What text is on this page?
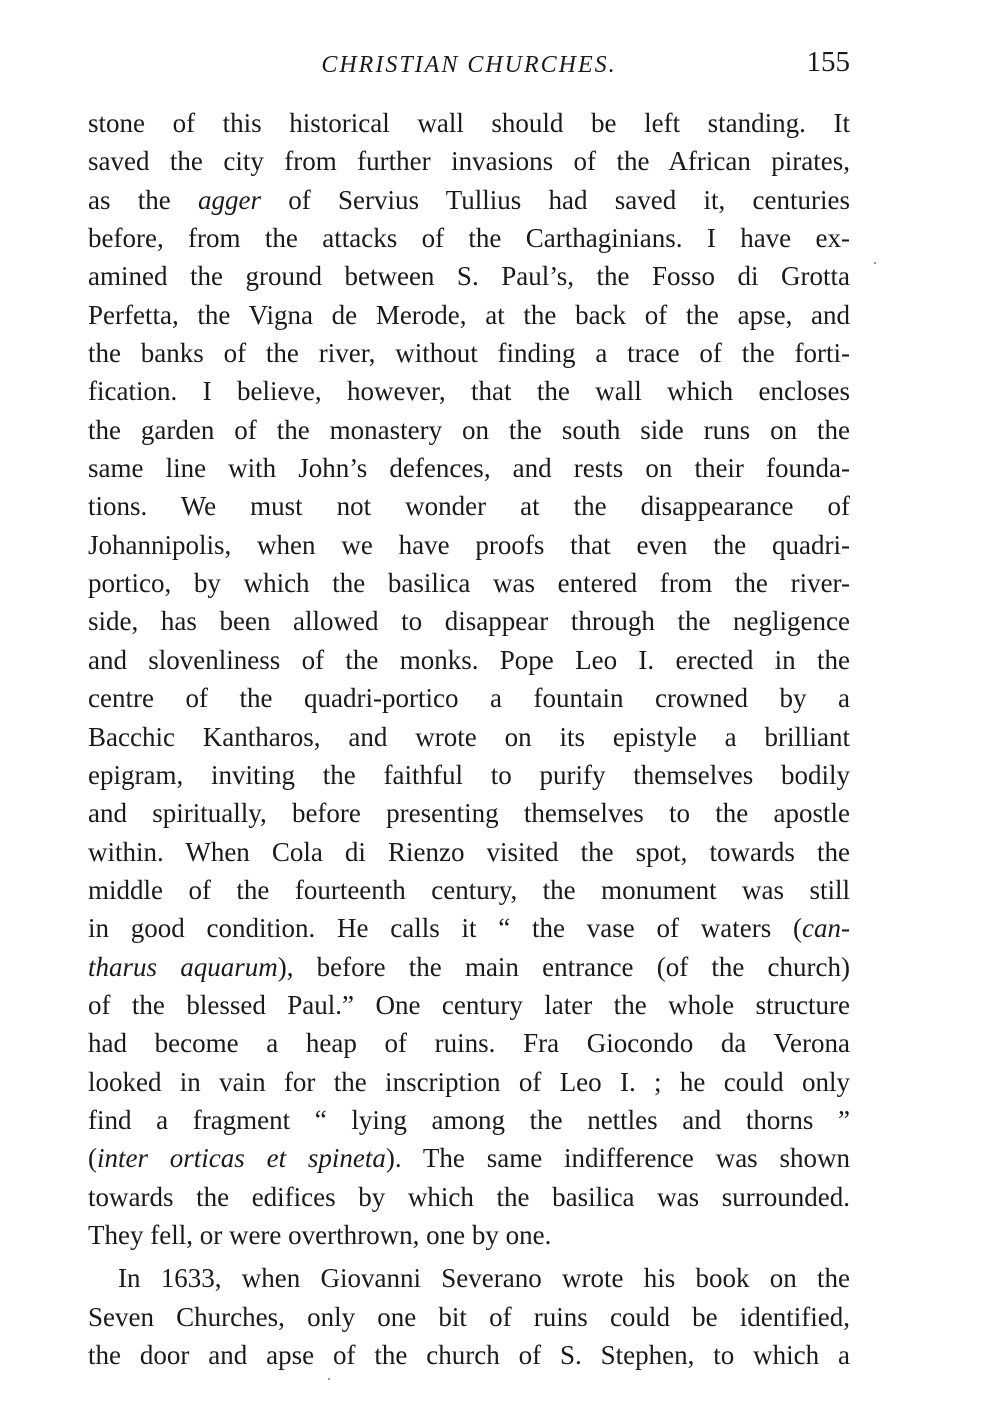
CHRISTIAN CHURCHES.	155
stone of this historical wall should be left standing. It
saved the city from further invasions of the African pirates,
as the agger of Servius Tullius had saved it, centuries
before, from the attacks of the Carthaginians. I have ex-
amined the ground between S. Paul’s, the Fosso di Grotta
Perfetta, the Vigna de Merode, at the back of the apse, and
the banks of the river, without finding a trace of the forti-
fication. I believe, however, that the wall which encloses
the garden of the monastery on the south side runs on the
same line with John’s defences, and rests on their founda-
tions. We must not wonder at the disappearance of
Johannipolis, when we have proofs that even the quadri-
portico, by which the basilica was entered from the river-
side, has been allowed to disappear through the negligence
and slovenliness of the monks. Pope Leo I. erected in the
centre of the quadri-portico a fountain crowned by a
Bacchic Kantharos, and wrote on its epistyle a brilliant
epigram, inviting the faithful to purify themselves bodily
and spiritually, before presenting themselves to the apostle
within. When Cola di Rienzo visited the spot, towards the
middle of the fourteenth century, the monument was still
in good condition. He calls it “ the vase of waters (can-
tharus aquarum), before the main entrance (of the church)
of the blessed Paul.” One century later the whole structure
had become a heap of ruins. Fra Giocondo da Verona
looked in vain for the inscription of Leo I. ; he could only
find a fragment “ lying among the nettles and thorns ”
(inter orticas et spineta). The same indifference was shown
towards the edifices by which the basilica was surrounded.
They fell, or were overthrown, one by one.
In 1633, when Giovanni Severano wrote his book on the
Seven Churches, only one bit of ruins could be identified,
the door and apse of the church of S. Stephen, to which a
